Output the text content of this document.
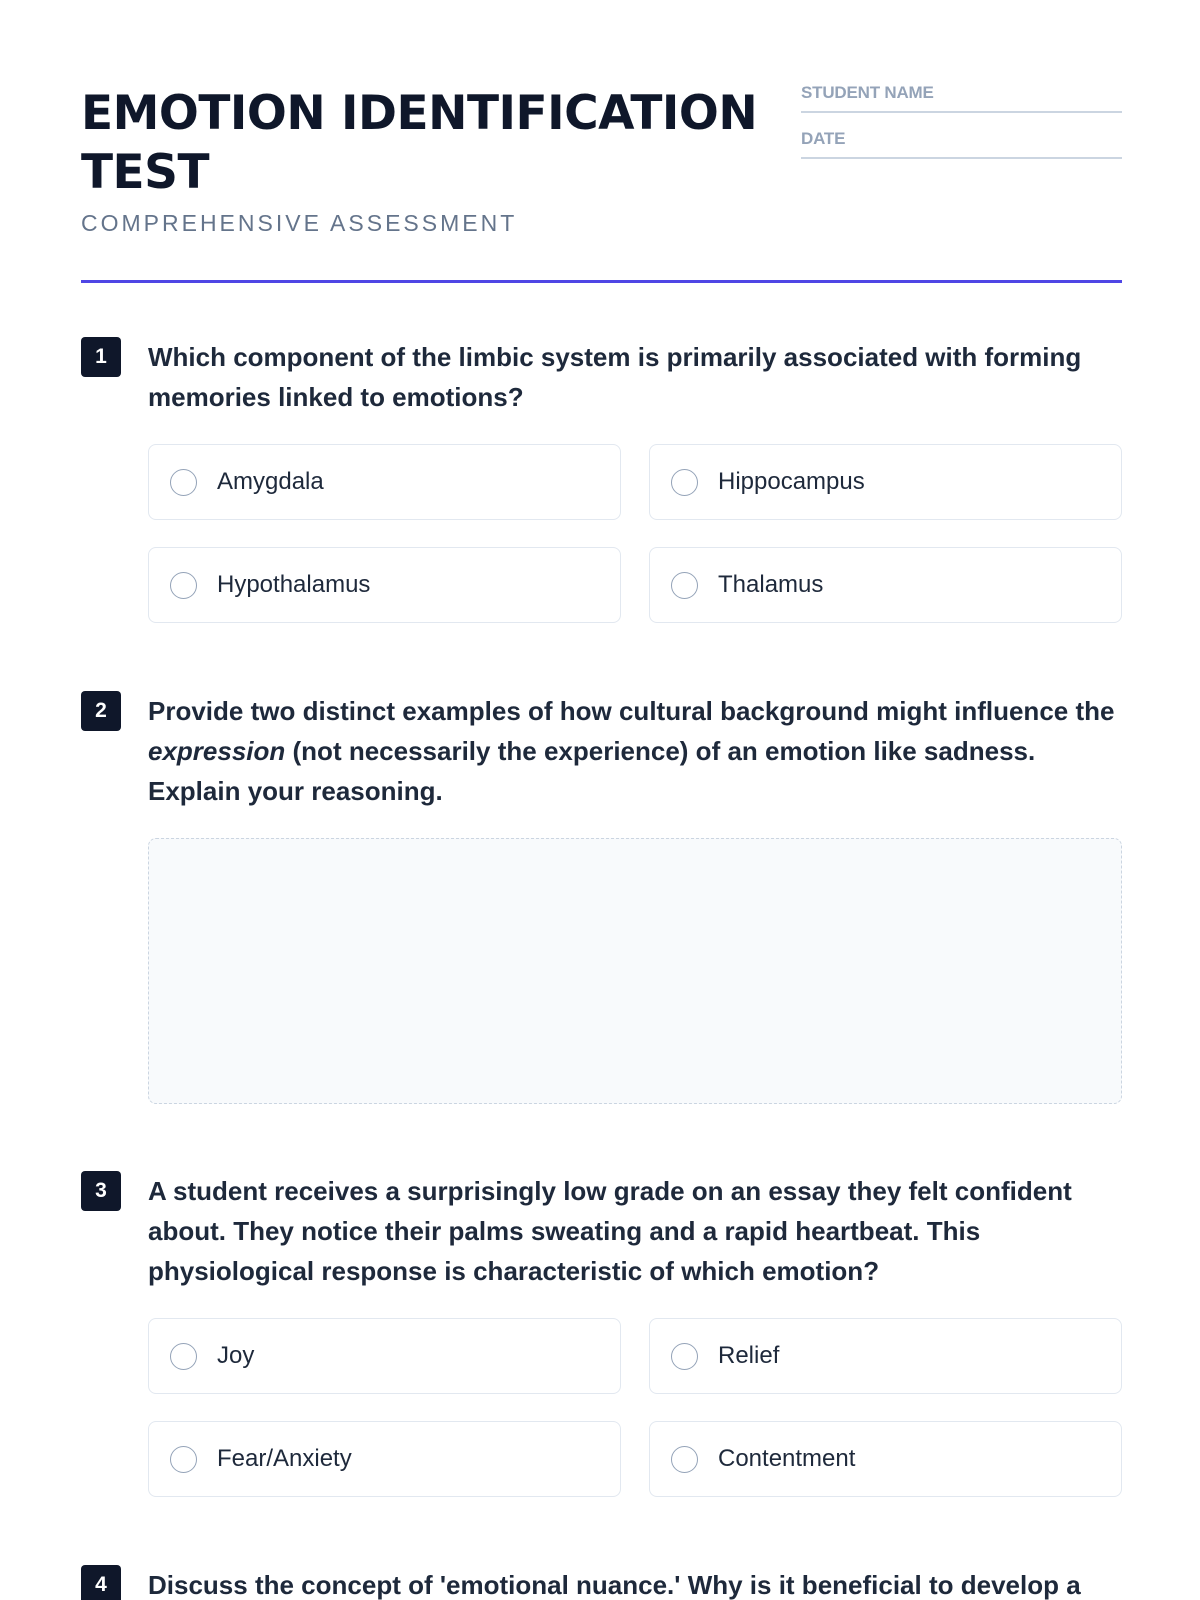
EMOTION IDENTIFICATION TEST
COMPREHENSIVE ASSESSMENT
STUDENT NAME
DATE
1	Which component of the limbic system is primarily associated with forming memories linked to emotions?
Amygdala	Hippocampus
Hypothalamus	Thalamus
2	Provide two distinct examples of how cultural background might influence the expression (not necessarily the experience) of an emotion like sadness. Explain your reasoning.
3	A student receives a surprisingly low grade on an essay they felt confident about. They notice their palms sweating and a rapid heartbeat. This physiological response is characteristic of which emotion?
Joy	Relief
Fear/Anxiety	Contentment
4	Discuss the concept of 'emotional nuance.' Why is it beneficial to develop a
